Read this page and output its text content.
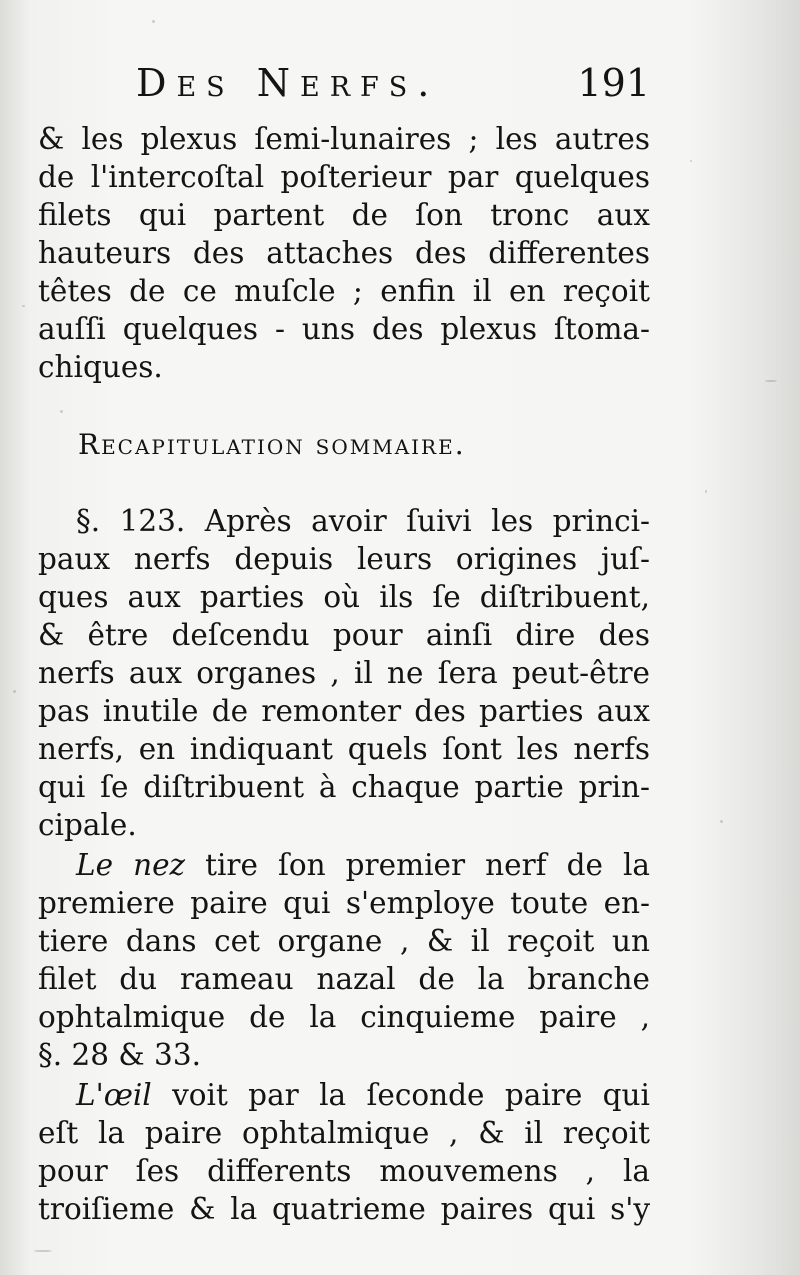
Des Nerfs.	191
& les plexus ſemi-lunaires ; les autres
de l'intercoſtal poſterieur par quelques
filets qui partent de ſon tronc aux
hauteurs des attaches des differentes
têtes de ce muſcle ; enfin il en reçoit
auſſi quelques - uns des plexus ſtoma-
chiques.
Recapitulation sommaire.
§. 123. Après avoir ſuivi les princi-
paux nerfs depuis leurs origines juſ-
ques aux parties où ils ſe diſtribuent,
& être deſcendu pour ainſi dire des
nerfs aux organes , il ne ſera peut-être
pas inutile de remonter des parties aux
nerfs, en indiquant quels ſont les nerfs
qui ſe diſtribuent à chaque partie prin-
cipale.
Le nez tire ſon premier nerf de la
premiere paire qui s'employe toute en-
tiere dans cet organe , & il reçoit un
filet du rameau nazal de la branche
ophtalmique de la cinquieme paire ,
§. 28 & 33.
L'œil voit par la ſeconde paire qui
eſt la paire ophtalmique , & il reçoit
pour ſes differents mouvemens , la
troiſieme & la quatrieme paires qui s'y
